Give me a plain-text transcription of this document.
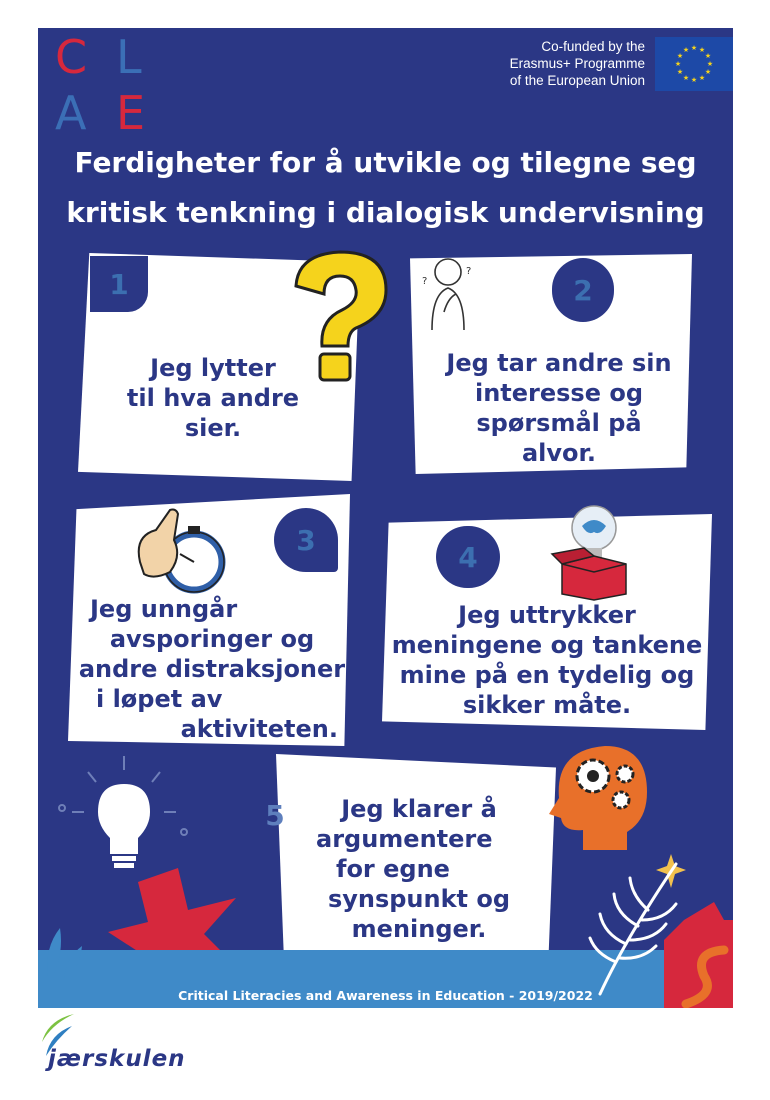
C L
A E
Co-funded by the
Erasmus+ Programme
of the European Union
★ ★
★
★
★
★
★
★
★
★
★
★
Ferdigheter for å utvikle og tilegne seg
kritisk tenkning i dialogisk undervisning
1
Jeg lytter
til hva andre
sier.
2
?
?
Jeg tar andre sin
interesse og
spørsmål på
alvor.
3
Jeg unngår
avsporinger og
andre distraksjoner
i løpet av
aktiviteten.
4
Jeg uttrykker
meningene og tankene
mine på en tydelig og
sikker måte.
5	Jeg klarer å
argumentere
for egne
synspunkt og
meninger.
Critical Literacies and Awareness in Education - 2019/2022
jærskulen
